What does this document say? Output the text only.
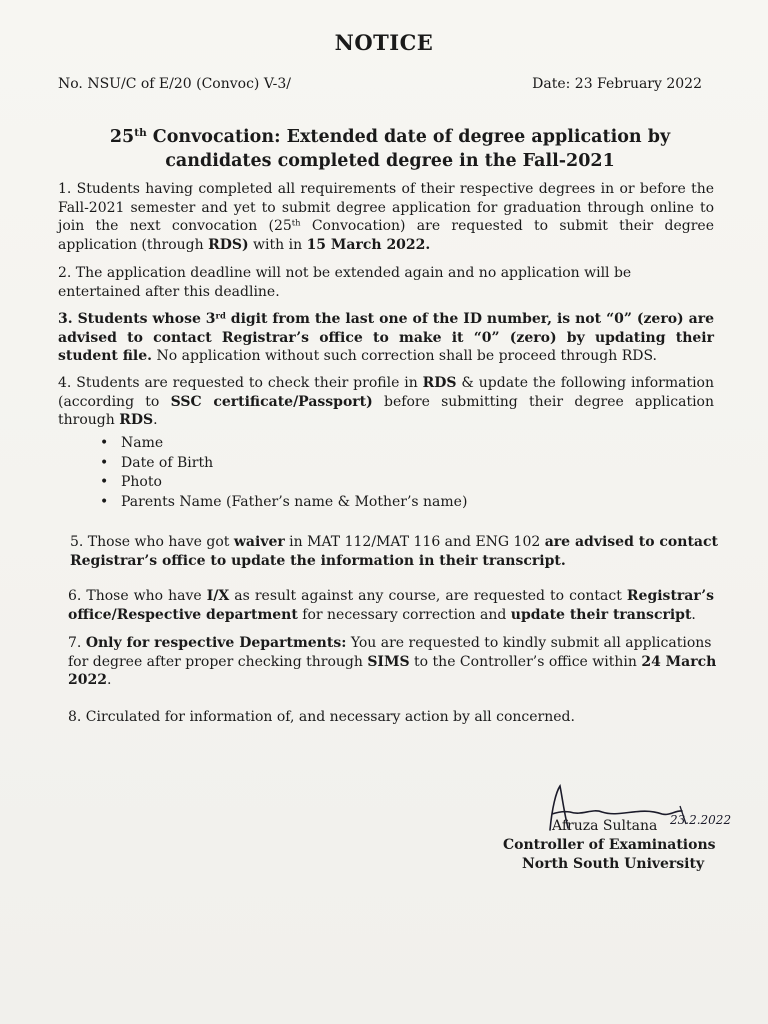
NOTICE
No. NSU/C of E/20 (Convoc) V-3/	Date: 23 February 2022
25th Convocation: Extended date of degree application by
candidates completed degree in the Fall-2021
1. Students having completed all requirements of their respective degrees in or before the Fall-2021 semester and yet to submit degree application for graduation through online to join the next convocation (25th Convocation) are requested to submit their degree application (through RDS) with in 15 March 2022.
2. The application deadline will not be extended again and no application will be entertained after this deadline.
3. Students whose 3rd digit from the last one of the ID number, is not “0” (zero) are advised to contact Registrar’s office to make it “0” (zero) by updating their student file. No application without such correction shall be proceed through RDS.
4. Students are requested to check their profile in RDS & update the following information (according to SSC certificate/Passport) before submitting their degree application through RDS.
• Name
• Date of Birth
• Photo
• Parents Name (Father’s name & Mother’s name)
5. Those who have got waiver in MAT 112/MAT 116 and ENG 102 are advised to contact Registrar’s office to update the information in their transcript.
6. Those who have I/X as result against any course, are requested to contact Registrar’s office/Respective department for necessary correction and update their transcript.
7. Only for respective Departments: You are requested to kindly submit all applications for degree after proper checking through SIMS to the Controller’s office within 24 March 2022.
8. Circulated for information of, and necessary action by all concerned.
23.2.2022
Afruza Sultana
Controller of Examinations
North South University
